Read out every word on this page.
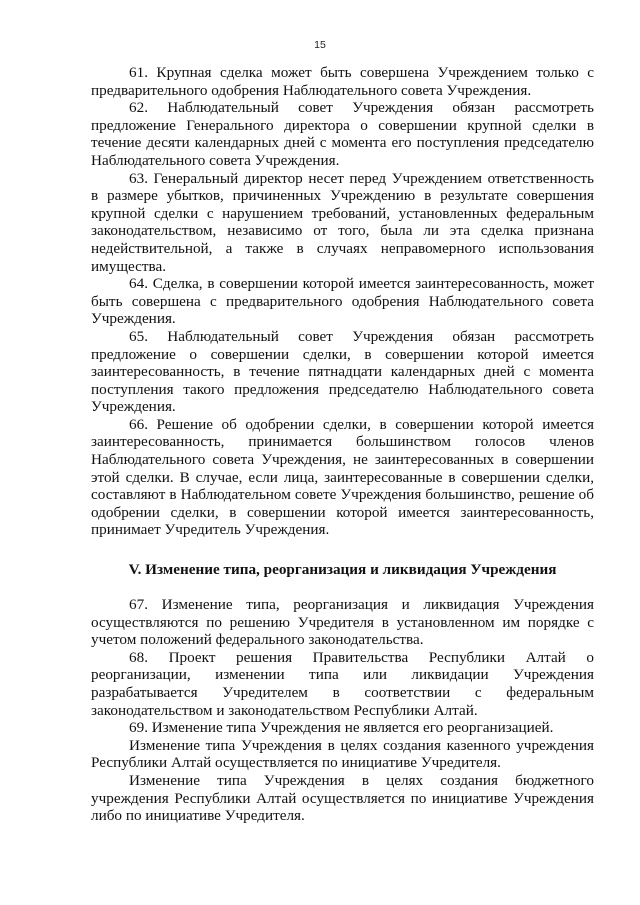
15

61. Крупная сделка может быть совершена Учреждением только с предварительного одобрения Наблюдательного совета Учреждения.

62. Наблюдательный совет Учреждения обязан рассмотреть предложение Генерального директора о совершении крупной сделки в течение десяти календарных дней с момента его поступления председателю Наблюдательного совета Учреждения.

63. Генеральный директор несет перед Учреждением ответственность в размере убытков, причиненных Учреждению в результате совершения крупной сделки с нарушением требований, установленных федеральным законодательством, независимо от того, была ли эта сделка признана недействительной, а также в случаях неправомерного использования имущества.

64. Сделка, в совершении которой имеется заинтересованность, может быть совершена с предварительного одобрения Наблюдательного совета Учреждения.

65. Наблюдательный совет Учреждения обязан рассмотреть предложение о совершении сделки, в совершении которой имеется заинтересованность, в течение пятнадцати календарных дней с момента поступления такого предложения председателю Наблюдательного совета Учреждения.

66. Решение об одобрении сделки, в совершении которой имеется заинтересованность, принимается большинством голосов членов Наблюдательного совета Учреждения, не заинтересованных в совершении этой сделки. В случае, если лица, заинтересованные в совершении сделки, составляют в Наблюдательном совете Учреждения большинство, решение об одобрении сделки, в совершении которой имеется заинтересованность, принимает Учредитель Учреждения.

V. Изменение типа, реорганизация и ликвидация Учреждения

67. Изменение типа, реорганизация и ликвидация Учреждения осуществляются по решению Учредителя в установленном им порядке с учетом положений федерального законодательства.

68. Проект решения Правительства Республики Алтай о реорганизации, изменении типа или ликвидации Учреждения разрабатывается Учредителем в соответствии с федеральным законодательством и законодательством Республики Алтай.

69. Изменение типа Учреждения не является его реорганизацией.

Изменение типа Учреждения в целях создания казенного учреждения Республики Алтай осуществляется по инициативе Учредителя.

Изменение типа Учреждения в целях создания бюджетного учреждения Республики Алтай осуществляется по инициативе Учреждения либо по инициативе Учредителя.
